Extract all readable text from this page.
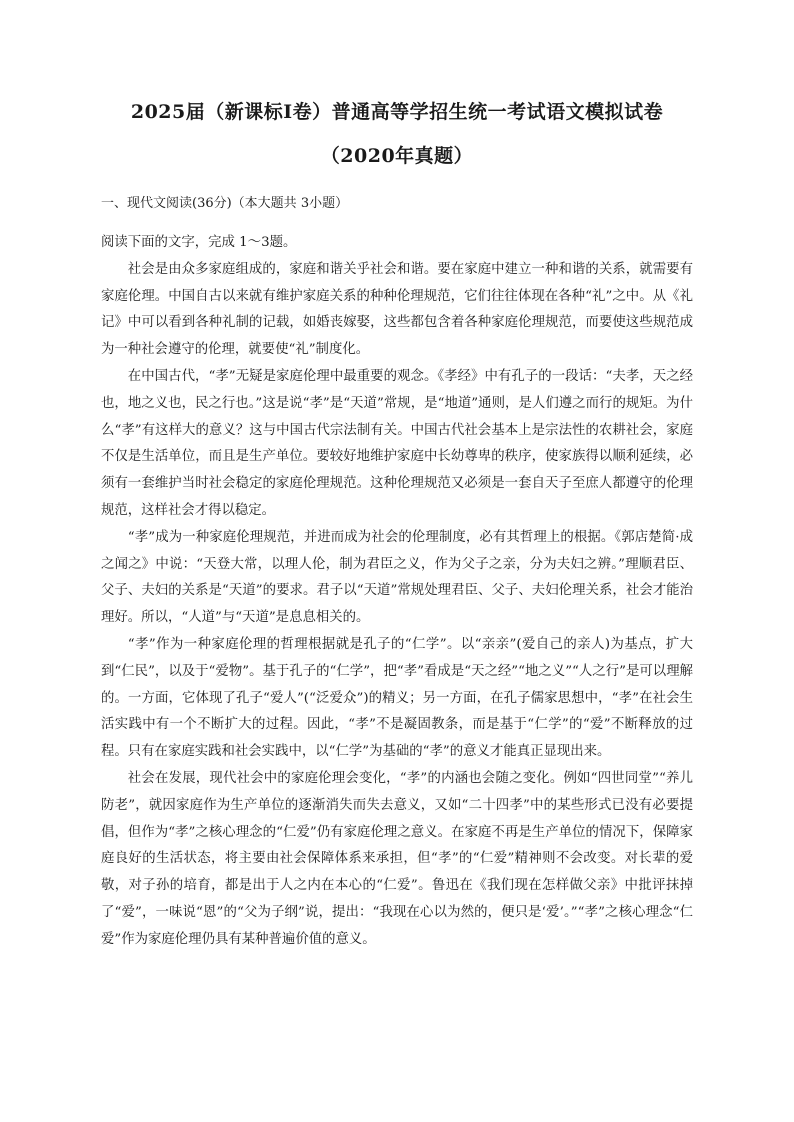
2025届（新课标Ⅰ卷）普通高等学招生统一考试语文模拟试卷
（2020年真题）
一、现代文阅读(36分)（本大题共 3小题）

阅读下面的文字，完成 1～3题。

社会是由众多家庭组成的，家庭和谐关乎社会和谐。要在家庭中建立一种和谐的关系，就需要有家庭伦理。中国自古以来就有维护家庭关系的种种伦理规范，它们往往体现在各种“礼”之中。从《礼记》中可以看到各种礼制的记载，如婚丧嫁娶，这些都包含着各种家庭伦理规范，而要使这些规范成为一种社会遵守的伦理，就要使“礼”制度化。

在中国古代，“孝”无疑是家庭伦理中最重要的观念。《孝经》中有孔子的一段话：“夫孝，天之经也，地之义也，民之行也。”这是说“孝”是“天道”常规，是“地道”通则，是人们遵之而行的规矩。为什么“孝”有这样大的意义？这与中国古代宗法制有关。中国古代社会基本上是宗法性的农耕社会，家庭不仅是生活单位，而且是生产单位。要较好地维护家庭中长幼尊卑的秩序，使家族得以顺利延续，必须有一套维护当时社会稳定的家庭伦理规范。这种伦理规范又必须是一套自天子至庶人都遵守的伦理规范，这样社会才得以稳定。

“孝”成为一种家庭伦理规范，并进而成为社会的伦理制度，必有其哲理上的根据。《郭店楚简·成之闻之》中说：“天登大常，以理人伦，制为君臣之义，作为父子之亲，分为夫妇之辨。”理顺君臣、父子、夫妇的关系是“天道”的要求。君子以“天道”常规处理君臣、父子、夫妇伦理关系，社会才能治理好。所以，“人道”与“天道”是息息相关的。

“孝”作为一种家庭伦理的哲理根据就是孔子的“仁学”。以“亲亲”(爱自己的亲人)为基点，扩大到“仁民”，以及于“爱物”。基于孔子的“仁学”，把“孝”看成是“天之经”“地之义”“人之行”是可以理解的。一方面，它体现了孔子“爱人”(“泛爱众”)的精义；另一方面，在孔子儒家思想中，“孝”在社会生活实践中有一个不断扩大的过程。因此，“孝”不是凝固教条，而是基于“仁学”的“爱”不断释放的过程。只有在家庭实践和社会实践中，以“仁学”为基础的“孝”的意义才能真正显现出来。

社会在发展，现代社会中的家庭伦理会变化，“孝”的内涵也会随之变化。例如“四世同堂”“养儿防老”，就因家庭作为生产单位的逐渐消失而失去意义，又如“二十四孝”中的某些形式已没有必要提倡，但作为“孝”之核心理念的“仁爱”仍有家庭伦理之意义。在家庭不再是生产单位的情况下，保障家庭良好的生活状态，将主要由社会保障体系来承担，但“孝”的“仁爱”精神则不会改变。对长辈的爱敬，对子孙的培育，都是出于人之内在本心的“仁爱”。鲁迅在《我们现在怎样做父亲》中批评抹掉了“爱”，一味说“恩”的“父为子纲”说，提出：“我现在心以为然的，便只是‘爱’。”“孝”之核心理念“仁爱”作为家庭伦理仍具有某种普遍价值的意义。
